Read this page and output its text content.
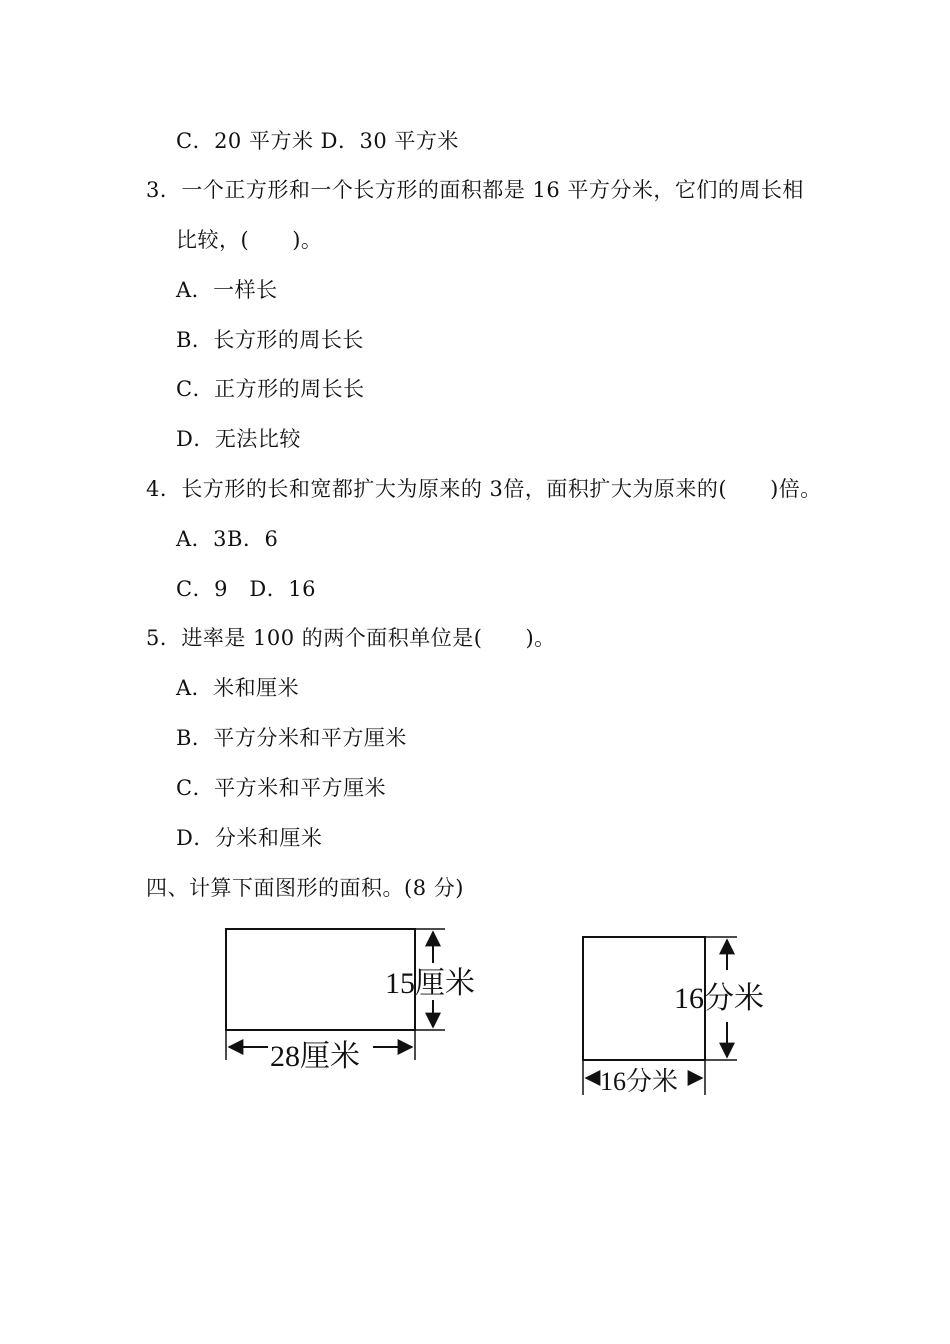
C．20 平方米 D．30 平方米
3．一个正方形和一个长方形的面积都是 16 平方分米，它们的周长相
比较，(　　)。
A．一样长
B．长方形的周长长
C．正方形的周长长
D．无法比较
4．长方形的长和宽都扩大为原来的 3倍，面积扩大为原来的(　　)倍。
A．3B．6
C．9　D．16
5．进率是 100 的两个面积单位是(　　)。
A．米和厘米
B．平方分米和平方厘米
C．平方米和平方厘米
D．分米和厘米
四、计算下面图形的面积。(8 分)
15厘米
28厘米
16分米
16分米
